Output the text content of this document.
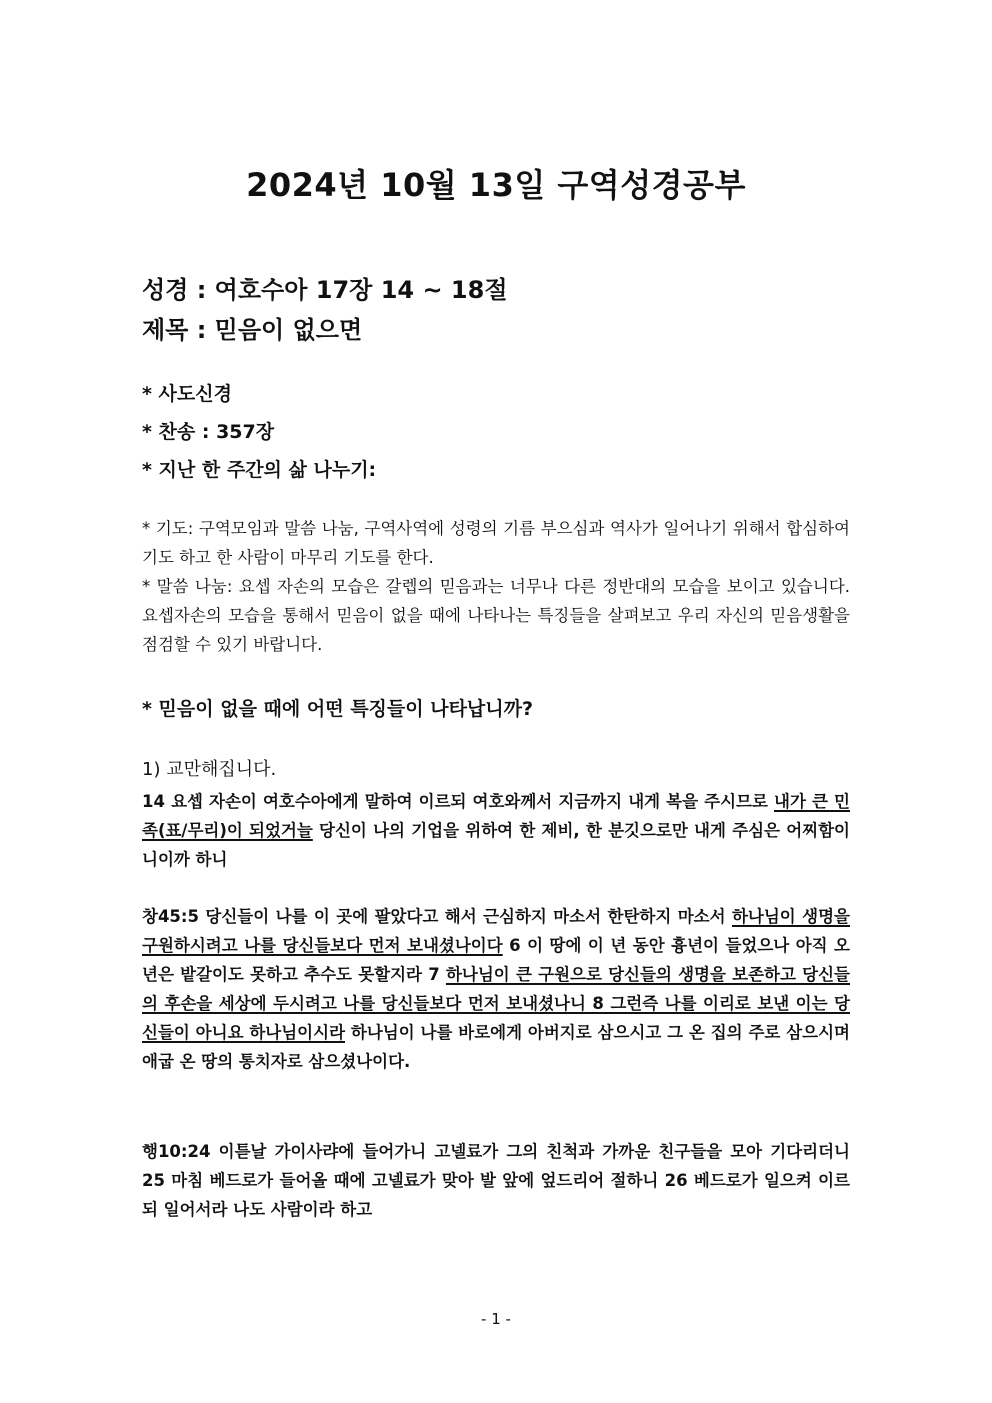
2024년 10월 13일 구역성경공부
성경 : 여호수아 17장 14 ~ 18절
제목 : 믿음이 없으면
* 사도신경
* 찬송 : 357장
* 지난 한 주간의 삶 나누기:
* 기도: 구역모임과 말씀 나눔, 구역사역에 성령의 기름 부으심과 역사가 일어나기 위해서 합심하여 기도 하고 한 사람이 마무리 기도를 한다.
* 말씀 나눔: 요셉 자손의 모습은 갈렙의 믿음과는 너무나 다른 정반대의 모습을 보이고 있습니다. 요셉자손의 모습을 통해서 믿음이 없을 때에 나타나는 특징들을 살펴보고 우리 자신의 믿음생활을 점검할 수 있기 바랍니다.
* 믿음이 없을 때에 어떤 특징들이 나타납니까?
1) 교만해집니다.
14 요셉 자손이 여호수아에게 말하여 이르되 여호와께서 지금까지 내게 복을 주시므로 내가 큰 민족(표/무리)이 되었거늘 당신이 나의 기업을 위하여 한 제비, 한 분깃으로만 내게 주심은 어찌함이니이까 하니
창45:5 당신들이 나를 이 곳에 팔았다고 해서 근심하지 마소서 한탄하지 마소서 하나님이 생명을 구원하시려고 나를 당신들보다 먼저 보내셨나이다 6 이 땅에 이 년 동안 흉년이 들었으나 아직 오 년은 밭갈이도 못하고 추수도 못할지라 7 하나님이 큰 구원으로 당신들의 생명을 보존하고 당신들의 후손을 세상에 두시려고 나를 당신들보다 먼저 보내셨나니 8 그런즉 나를 이리로 보낸 이는 당신들이 아니요 하나님이시라 하나님이 나를 바로에게 아버지로 삼으시고 그 온 집의 주로 삼으시며 애굽 온 땅의 통치자로 삼으셨나이다.
행10:24 이튿날 가이사랴에 들어가니 고넬료가 그의 친척과 가까운 친구들을 모아 기다리더니 25 마침 베드로가 들어올 때에 고넬료가 맞아 발 앞에 엎드리어 절하니 26 베드로가 일으켜 이르되 일어서라 나도 사람이라 하고
- 1 -
